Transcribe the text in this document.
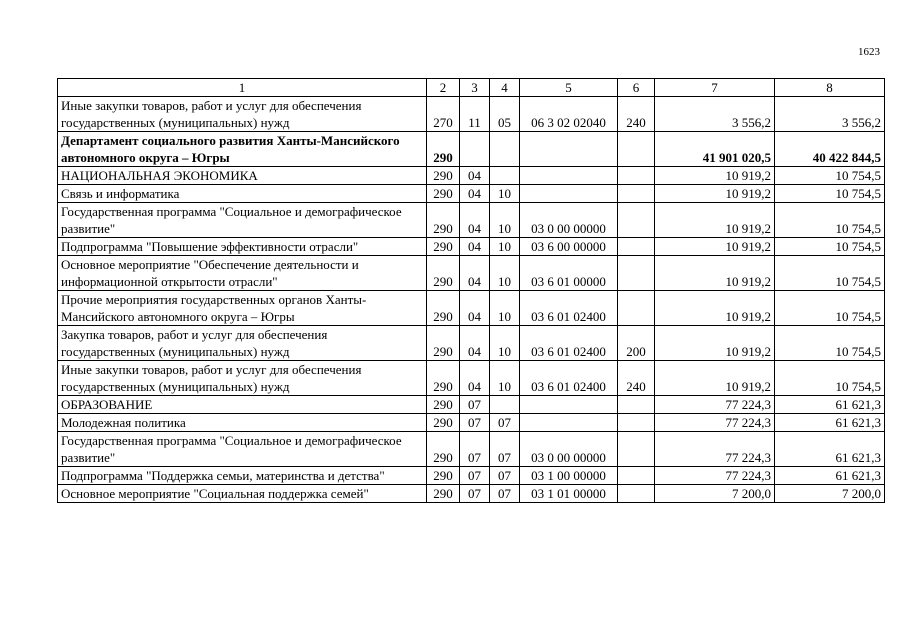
1623
1	2	3	4	5	6	7	8
Иные закупки товаров, работ и услуг для обеспечения государственных (муниципальных) нужд	270	11	05	06 3 02 02040	240	3 556,2	3 556,2
Департамент социального развития Ханты-Мансийского автономного округа – Югры	290					41 901 020,5	40 422 844,5
НАЦИОНАЛЬНАЯ ЭКОНОМИКА	290	04				10 919,2	10 754,5
Связь и информатика	290	04	10			10 919,2	10 754,5
Государственная программа "Социальное и демографическое развитие"	290	04	10	03 0 00 00000		10 919,2	10 754,5
Подпрограмма "Повышение эффективности отрасли"	290	04	10	03 6 00 00000		10 919,2	10 754,5
Основное мероприятие "Обеспечение деятельности и информационной открытости отрасли"	290	04	10	03 6 01 00000		10 919,2	10 754,5
Прочие мероприятия государственных органов Ханты-Мансийского автономного округа – Югры	290	04	10	03 6 01 02400		10 919,2	10 754,5
Закупка товаров, работ и услуг для обеспечения государственных (муниципальных) нужд	290	04	10	03 6 01 02400	200	10 919,2	10 754,5
Иные закупки товаров, работ и услуг для обеспечения государственных (муниципальных) нужд	290	04	10	03 6 01 02400	240	10 919,2	10 754,5
ОБРАЗОВАНИЕ	290	07				77 224,3	61 621,3
Молодежная политика	290	07	07			77 224,3	61 621,3
Государственная программа "Социальное и демографическое развитие"	290	07	07	03 0 00 00000		77 224,3	61 621,3
Подпрограмма "Поддержка семьи, материнства и детства"	290	07	07	03 1 00 00000		77 224,3	61 621,3
Основное мероприятие "Социальная поддержка семей"	290	07	07	03 1 01 00000		7 200,0	7 200,0
